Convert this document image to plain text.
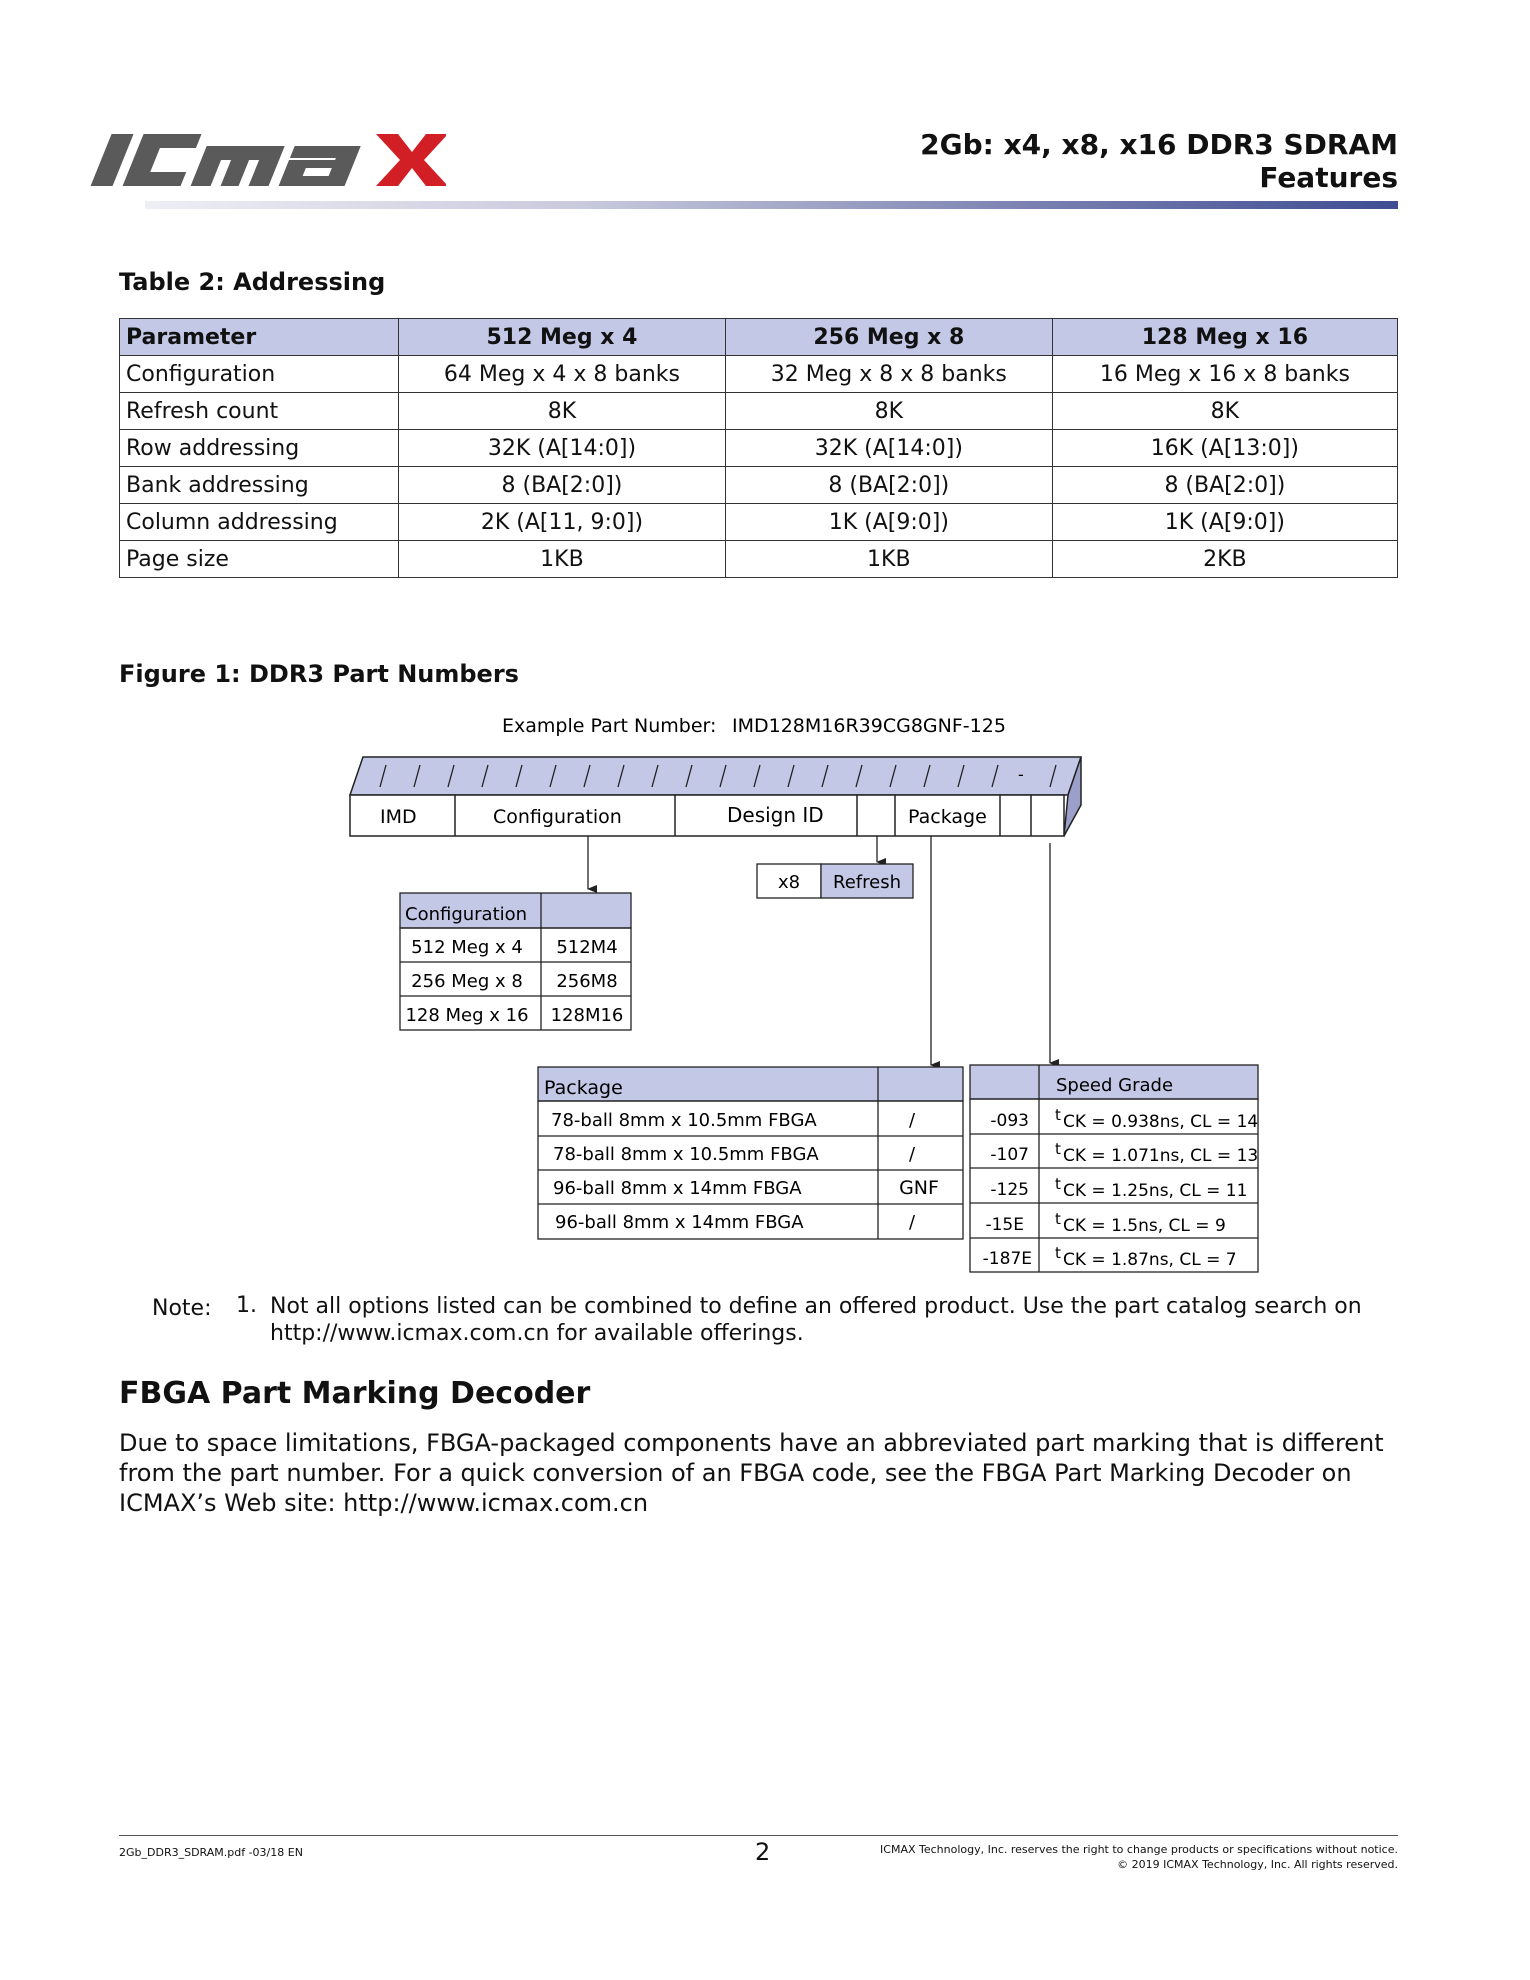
2Gb: x4, x8, x16 DDR3 SDRAM
Features
Table 2: Addressing
Parameter	512 Meg x 4	256 Meg x 8	128 Meg x 16
Configuration	64 Meg x 4 x 8 banks	32 Meg x 8 x 8 banks	16 Meg x 16 x 8 banks
Refresh count	8K	8K	8K
Row addressing	32K (A[14:0])	32K (A[14:0])	16K (A[13:0])
Bank addressing	8 (BA[2:0])	8 (BA[2:0])	8 (BA[2:0])
Column addressing	2K (A[11, 9:0])	1K (A[9:0])	1K (A[9:0])
Page size	1KB	1KB	2KB
Figure 1: DDR3 Part Numbers
Example Part Number: IMD128M16R39CG8GNF-125
-
IMD	Configuration	Design ID	Package
x8 Refresh
Configuration
512 Meg x 4 512M4
256 Meg x 8 256M8
128 Meg x 16 128M16
Package
78-ball 8mm x 10.5mm FBGA	/
78-ball 8mm x 10.5mm FBGA	/
96-ball 8mm x 14mm FBGA	GNF
96-ball 8mm x 14mm FBGA	/
Speed Grade
-093 t CK = 0.938ns, CL = 14
-107 t CK = 1.071ns, CL = 13
-125 t CK = 1.25ns, CL = 11
-15E t CK = 1.5ns, CL = 9
-187E t CK = 1.87ns, CL = 7
Note: 1. Not all options listed can be combined to define an offered product. Use the part catalog search on http://www.icmax.com.cn for available offerings.
FBGA Part Marking Decoder
Due to space limitations, FBGA-packaged components have an abbreviated part marking that is different from the part number. For a quick conversion of an FBGA code, see the FBGA Part Marking Decoder on ICMAX’s Web site: http://www.icmax.com.cn
2Gb_DDR3_SDRAM.pdf -03/18 EN	2	ICMAX Technology, Inc. reserves the right to change products or specifications without notice.
© 2019 ICMAX Technology, Inc. All rights reserved.
